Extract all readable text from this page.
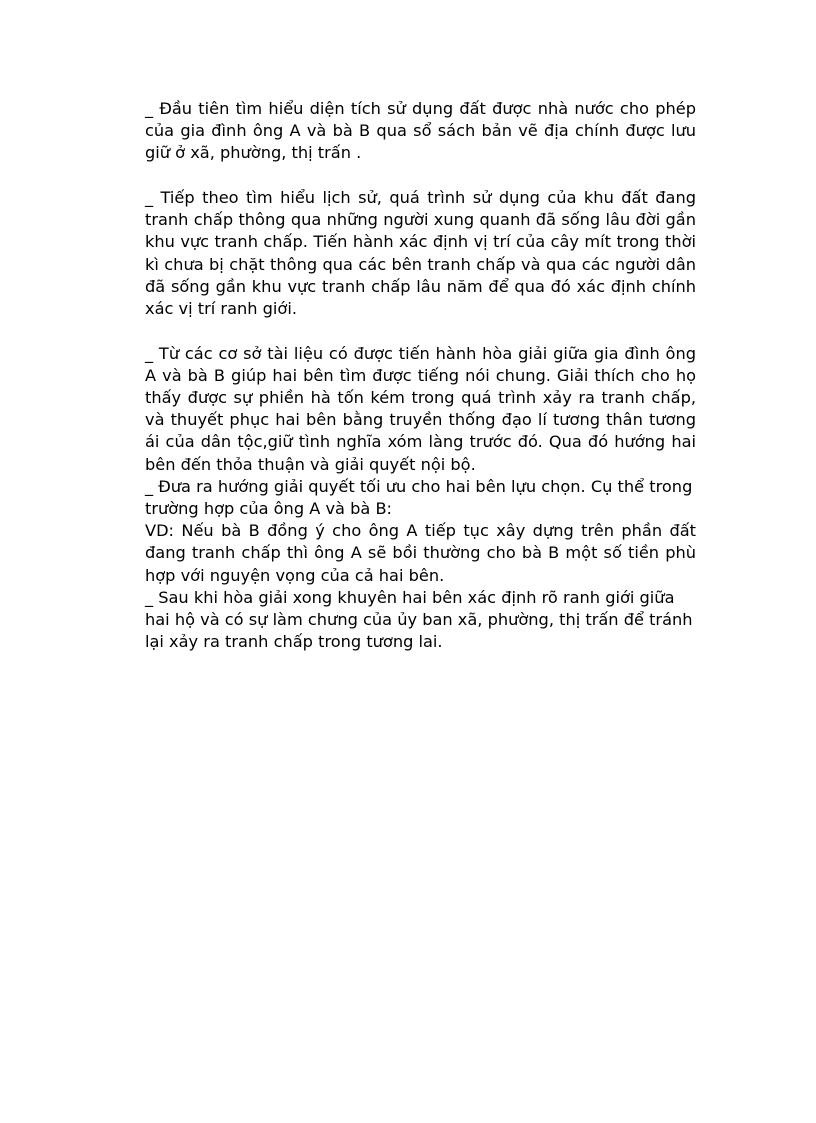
_ Đầu tiên tìm hiểu diện tích sử dụng đất được nhà nước cho phép của gia đình ông A và bà B qua sổ sách bản vẽ địa chính được lưu giữ ở xã, phường, thị trấn .

_ Tiếp theo tìm hiểu lịch sử, quá trình sử dụng của khu đất đang tranh chấp thông qua những người xung quanh đã sống lâu đời gần khu vực tranh chấp. Tiến hành xác định vị trí của cây mít trong thời kì chưa bị chặt thông qua các bên tranh chấp và qua các người dân đã sống gần khu vực tranh chấp lâu năm để qua đó xác định chính xác vị trí ranh giới.

_ Từ các cơ sở tài liệu có được tiến hành hòa giải giữa gia đình ông A và bà B giúp hai bên tìm được tiếng nói chung. Giải thích cho họ thấy được sự phiền hà tốn kém trong quá trình xảy ra tranh chấp, và thuyết phục hai bên bằng truyền thống đạo lí tương thân tương ái của dân tộc,giữ tình nghĩa xóm làng trước đó. Qua đó hướng hai bên đến thỏa thuận và giải quyết nội bộ.

_ Đưa ra hướng giải quyết tối ưu cho hai bên lựu chọn. Cụ thể trong trường hợp của ông A và bà B:

VD: Nếu bà B đồng ý cho ông A tiếp tục xây dựng trên phần đất đang tranh chấp thì ông A sẽ bồi thường cho bà B một số tiền phù hợp với nguyện vọng của cả hai bên.

_ Sau khi hòa giải xong khuyên hai bên xác định rõ ranh giới giữa hai hộ và có sự làm chưng của ủy ban xã, phường, thị trấn để tránh lại xảy ra tranh chấp trong tương lai.
